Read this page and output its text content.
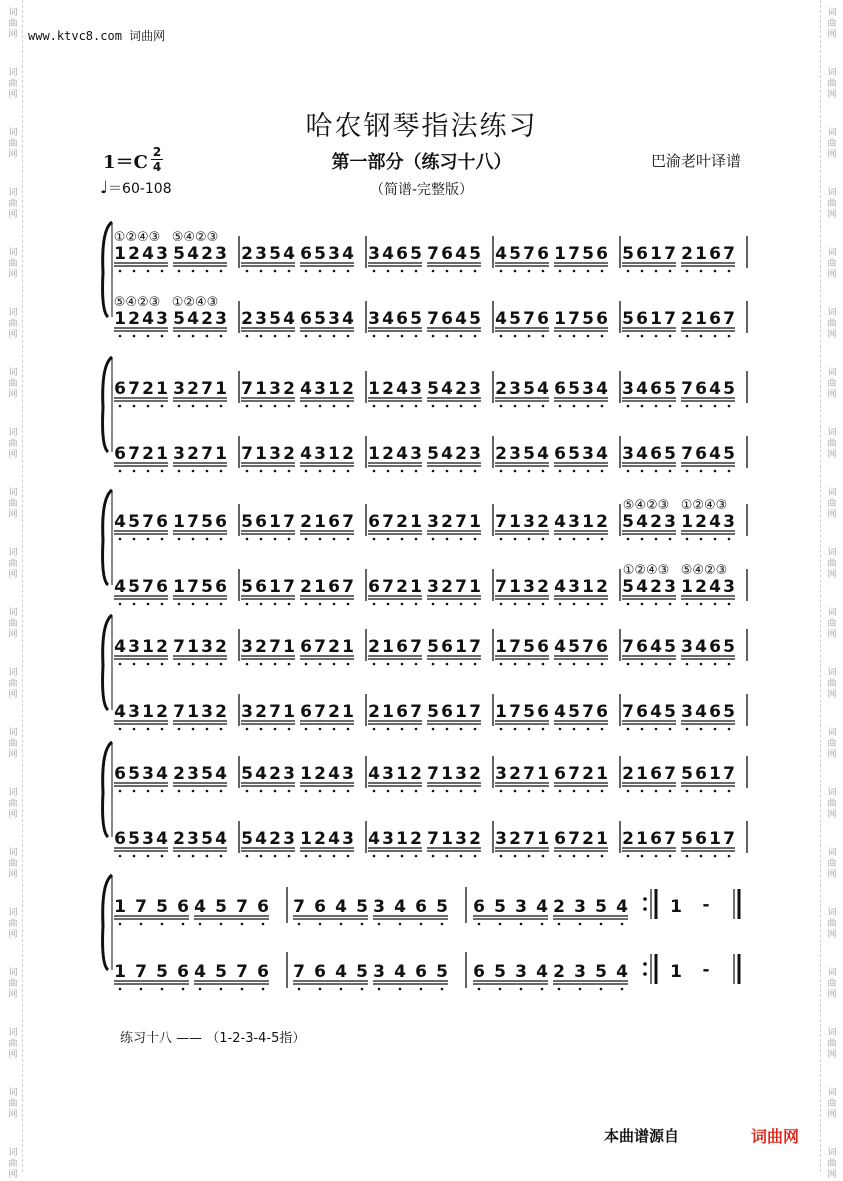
词
曲
网
词
曲
网
词
曲
网
词
曲
网
词
曲
网
词
曲
网
词
曲
网
词
曲
网
词
曲
网
词
曲
网
词
曲
网
词
曲
网
词
曲
网
词
曲
网
词
曲
网
词
曲
网
词
曲
网
词
曲
网
词
曲
网
词
曲
网
词
曲
网
词
曲
网
词
曲
网
词
曲
网
词
曲
网
词
曲
网
词
曲
网
词
曲
网
词
曲
网
词
曲
网
词
曲
网
词
曲
网
词
曲
网
词
曲
网
词
曲
网
词
曲
网
词
曲
网
词
曲
网
词
曲
网
词
曲
网
www.ktvc8.com 词曲网
哈农钢琴指法练习
1＝C 2
4	第一部分（练习十八）
（简谱-完整版）
巴渝老叶译谱
♩＝60-108
1 2 4 3 5 4 2 3 2 3 5 4 6 5 3 4 3 4 6 5 7 6 4 5 4 5 7 6 1 7 5 6 5 6 1 7 2 1 6 7
1 2 4 3 5 4 2 3 2 3 5 4 6 5 3 4 3 4 6 5 7 6 4 5 4 5 7 6 1 7 5 6 5 6 1 7 2 1 6 7
①②④③ ⑤④②③
⑤④②③ ①②④③
6 7 2 1 3 2 7 1 7 1 3 2 4 3 1 2 1 2 4 3 5 4 2 3 2 3 5 4 6 5 3 4 3 4 6 5 7 6 4 5
6 7 2 1 3 2 7 1 7 1 3 2 4 3 1 2 1 2 4 3 5 4 2 3 2 3 5 4 6 5 3 4 3 4 6 5 7 6 4 5
4 5 7 6 1 7 5 6 5 6 1 7 2 1 6 7 6 7 2 1 3 2 7 1 7 1 3 2 4 3 1 2 5 4 2 3 1 2 4 3
4 5 7 6 1 7 5 6 5 6 1 7 2 1 6 7 6 7 2 1 3 2 7 1 7 1 3 2 4 3 1 2 5 4 2 3 1 2 4 3
⑤④②③ ①②④③
①②④③ ⑤④②③
4 3 1 2 7 1 3 2 3 2 7 1 6 7 2 1 2 1 6 7 5 6 1 7 1 7 5 6 4 5 7 6 7 6 4 5 3 4 6 5
4 3 1 2 7 1 3 2 3 2 7 1 6 7 2 1 2 1 6 7 5 6 1 7 1 7 5 6 4 5 7 6 7 6 4 5 3 4 6 5
6 5 3 4 2 3 5 4 5 4 2 3 1 2 4 3 4 3 1 2 7 1 3 2 3 2 7 1 6 7 2 1 2 1 6 7 5 6 1 7
6 5 3 4 2 3 5 4 5 4 2 3 1 2 4 3 4 3 1 2 7 1 3 2 3 2 7 1 6 7 2 1 2 1 6 7 5 6 1 7
1 7 5 6 4 5 7 6 7 6 4 5 3 4 6 5 6 5 3 4 2 3 5 4 1 -
1 7 5 6 4 5 7 6 7 6 4 5 3 4 6 5 6 5 3 4 2 3 5 4 1 -
练习十八 —— （1-2-3-4-5指）
本曲谱源自	词曲网
